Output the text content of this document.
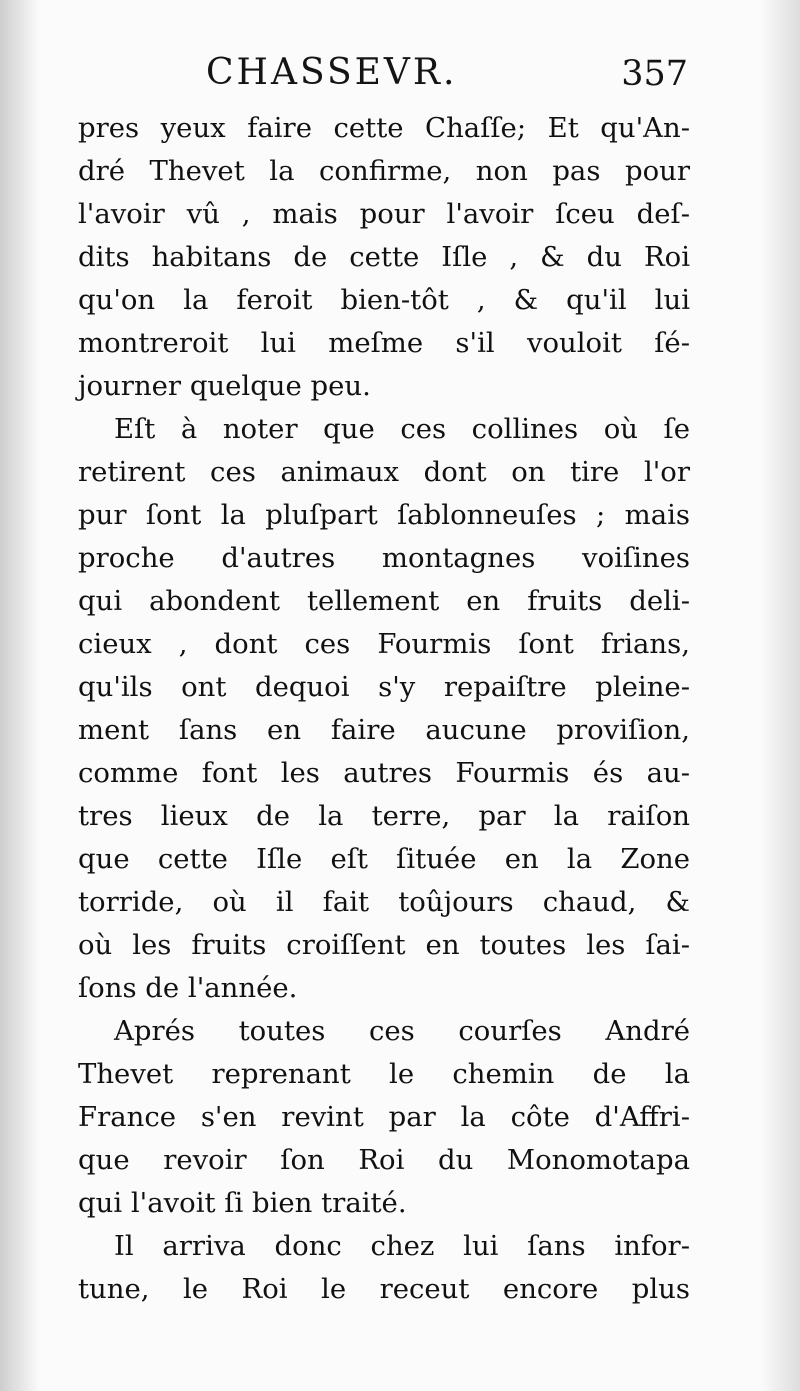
CHASSEVR.	357
pres yeux faire cette Chaſſe; Et qu'An-
dré Thevet la confirme, non pas pour
l'avoir vû , mais pour l'avoir ſceu deſ-
dits habitans de cette Iſle , & du Roi
qu'on la feroit bien-tôt , & qu'il lui
montreroit lui meſme s'il vouloit ſé-
journer quelque peu.
Eſt à noter que ces collines où ſe
retirent ces animaux dont on tire l'or
pur ſont la pluſpart ſablonneuſes ; mais
proche d'autres montagnes voiſines
qui abondent tellement en fruits deli-
cieux , dont ces Fourmis ſont frians,
qu'ils ont dequoi s'y repaiſtre pleine-
ment ſans en faire aucune proviſion,
comme font les autres Fourmis és au-
tres lieux de la terre, par la raiſon
que cette Iſle eſt ſituée en la Zone
torride, où il fait toûjours chaud, &
où les fruits croiſſent en toutes les ſai-
ſons de l'année.
Aprés toutes ces courſes André
Thevet reprenant le chemin de la
France s'en revint par la côte d'Affri-
que revoir ſon Roi du Monomotapa
qui l'avoit ſi bien traité.
Il arriva donc chez lui ſans infor-
tune, le Roi le receut encore plus
